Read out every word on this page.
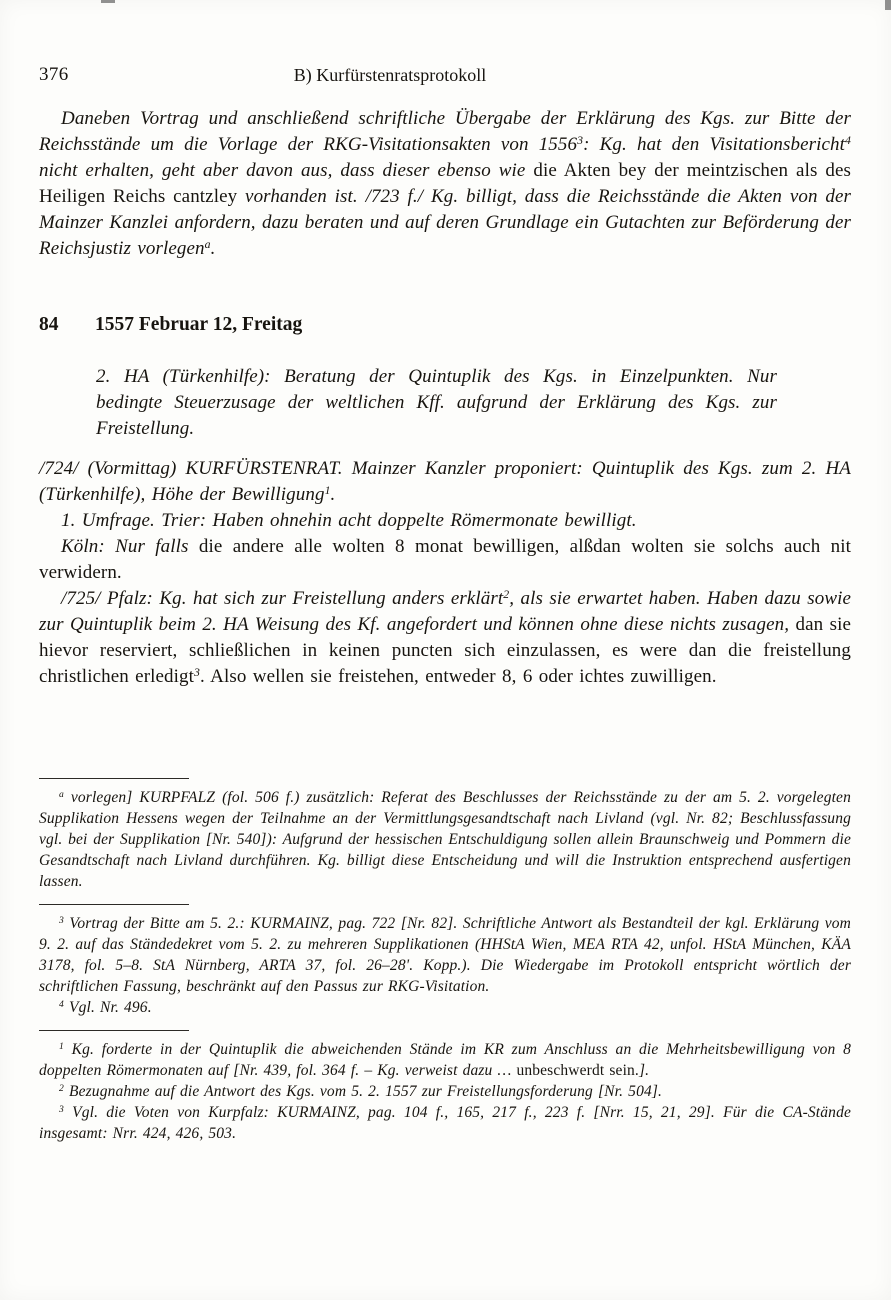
376	B) Kurfürstenratsprotokoll

Daneben Vortrag und anschließend schriftliche Übergabe der Erklärung des Kgs. zur Bitte der Reichsstände um die Vorlage der RKG-Visitationsakten von 1556$^3$: Kg. hat den Visitationsbericht$^4$ nicht erhalten, geht aber davon aus, dass dieser ebenso wie die Akten bey der meintzischen als des Heiligen Reichs cantzley vorhanden ist. /723 f./ Kg. billigt, dass die Reichsstände die Akten von der Mainzer Kanzlei anfordern, dazu beraten und auf deren Grundlage ein Gutachten zur Beförderung der Reichsjustiz vorlegen$^a$.

84	1557 Februar 12, Freitag

2. HA (Türkenhilfe): Beratung der Quintuplik des Kgs. in Einzelpunkten. Nur bedingte Steuerzusage der weltlichen Kff. aufgrund der Erklärung des Kgs. zur Freistellung.

/724/ (Vormittag) KURFÜRSTENRAT. Mainzer Kanzler proponiert: Quintuplik des Kgs. zum 2. HA (Türkenhilfe), Höhe der Bewilligung$^1$.

1. Umfrage. Trier: Haben ohnehin acht doppelte Römermonate bewilligt.

Köln: Nur falls die andere alle wolten 8 monat bewilligen, alßdan wolten sie solchs auch nit verwidern.

/725/ Pfalz: Kg. hat sich zur Freistellung anders erklärt$^2$, als sie erwartet haben. Haben dazu sowie zur Quintuplik beim 2. HA Weisung des Kf. angefordert und können ohne diese nichts zusagen, dan sie hievor reserviert, schließlichen in keinen puncten sich einzulassen, es were dan die freistellung christlichen erledigt$^3$. Also wellen sie freistehen, entweder 8, 6 oder ichtes zuwilligen.

$^a$ vorlegen] KURPFALZ (fol. 506 f.) zusätzlich: Referat des Beschlusses der Reichsstände zu der am 5. 2. vorgelegten Supplikation Hessens wegen der Teilnahme an der Vermittlungsgesandtschaft nach Livland (vgl. Nr. 82; Beschlussfassung vgl. bei der Supplikation [Nr. 540]): Aufgrund der hessischen Entschuldigung sollen allein Braunschweig und Pommern die Gesandtschaft nach Livland durchführen. Kg. billigt diese Entscheidung und will die Instruktion entsprechend ausfertigen lassen.

$^3$ Vortrag der Bitte am 5. 2.: KURMAINZ, pag. 722 [Nr. 82]. Schriftliche Antwort als Bestandteil der kgl. Erklärung vom 9. 2. auf das Ständedekret vom 5. 2. zu mehreren Supplikationen (HHStA Wien, MEA RTA 42, unfol. HStA München, KÄA 3178, fol. 5–8. StA Nürnberg, ARTA 37, fol. 26–28'. Kopp.). Die Wiedergabe im Protokoll entspricht wörtlich der schriftlichen Fassung, beschränkt auf den Passus zur RKG-Visitation.

$^4$ Vgl. Nr. 496.

$^1$ Kg. forderte in der Quintuplik die abweichenden Stände im KR zum Anschluss an die Mehrheitsbewilligung von 8 doppelten Römermonaten auf [Nr. 439, fol. 364 f. – Kg. verweist dazu … unbeschwerdt sein.].

$^2$ Bezugnahme auf die Antwort des Kgs. vom 5. 2. 1557 zur Freistellungsforderung [Nr. 504].

$^3$ Vgl. die Voten von Kurpfalz: KURMAINZ, pag. 104 f., 165, 217 f., 223 f. [Nrr. 15, 21, 29]. Für die CA-Stände insgesamt: Nrr. 424, 426, 503.
